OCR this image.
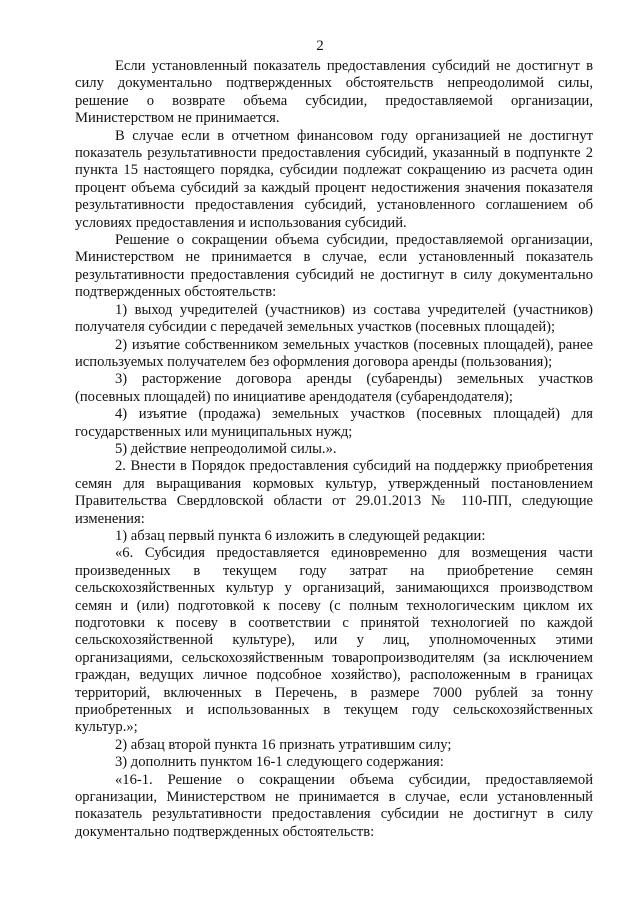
2

Если установленный показатель предоставления субсидий не достигнут в силу документально подтвержденных обстоятельств непреодолимой силы, решение о возврате объема субсидии, предоставляемой организации, Министерством не принимается.

В случае если в отчетном финансовом году организацией не достигнут показатель результативности предоставления субсидий, указанный в подпункте 2 пункта 15 настоящего порядка, субсидии подлежат сокращению из расчета один процент объема субсидий за каждый процент недостижения значения показателя результативности предоставления субсидий, установленного соглашением об условиях предоставления и использования субсидий.

Решение о сокращении объема субсидии, предоставляемой организации, Министерством не принимается в случае, если установленный показатель результативности предоставления субсидий не достигнут в силу документально подтвержденных обстоятельств:

1) выход учредителей (участников) из состава учредителей (участников) получателя субсидии с передачей земельных участков (посевных площадей);

2) изъятие собственником земельных участков (посевных площадей), ранее используемых получателем без оформления договора аренды (пользования);

3) расторжение договора аренды (субаренды) земельных участков (посевных площадей) по инициативе арендодателя (субарендодателя);

4) изъятие (продажа) земельных участков (посевных площадей) для государственных или муниципальных нужд;

5) действие непреодолимой силы.».

2. Внести в Порядок предоставления субсидий на поддержку приобретения семян для выращивания кормовых культур, утвержденный постановлением Правительства Свердловской области от 29.01.2013 № 110-ПП, следующие изменения:

1) абзац первый пункта 6 изложить в следующей редакции:

«6. Субсидия предоставляется единовременно для возмещения части произведенных в текущем году затрат на приобретение семян сельскохозяйственных культур у организаций, занимающихся производством семян и (или) подготовкой к посеву (с полным технологическим циклом их подготовки к посеву в соответствии с принятой технологией по каждой сельскохозяйственной культуре), или у лиц, уполномоченных этими организациями, сельскохозяйственным товаропроизводителям (за исключением граждан, ведущих личное подсобное хозяйство), расположенным в границах территорий, включенных в Перечень, в размере 7000 рублей за тонну приобретенных и использованных в текущем году сельскохозяйственных культур.»;

2) абзац второй пункта 16 признать утратившим силу;

3) дополнить пунктом 16-1 следующего содержания:

«16-1. Решение о сокращении объема субсидии, предоставляемой организации, Министерством не принимается в случае, если установленный показатель результативности предоставления субсидии не достигнут в силу документально подтвержденных обстоятельств:
